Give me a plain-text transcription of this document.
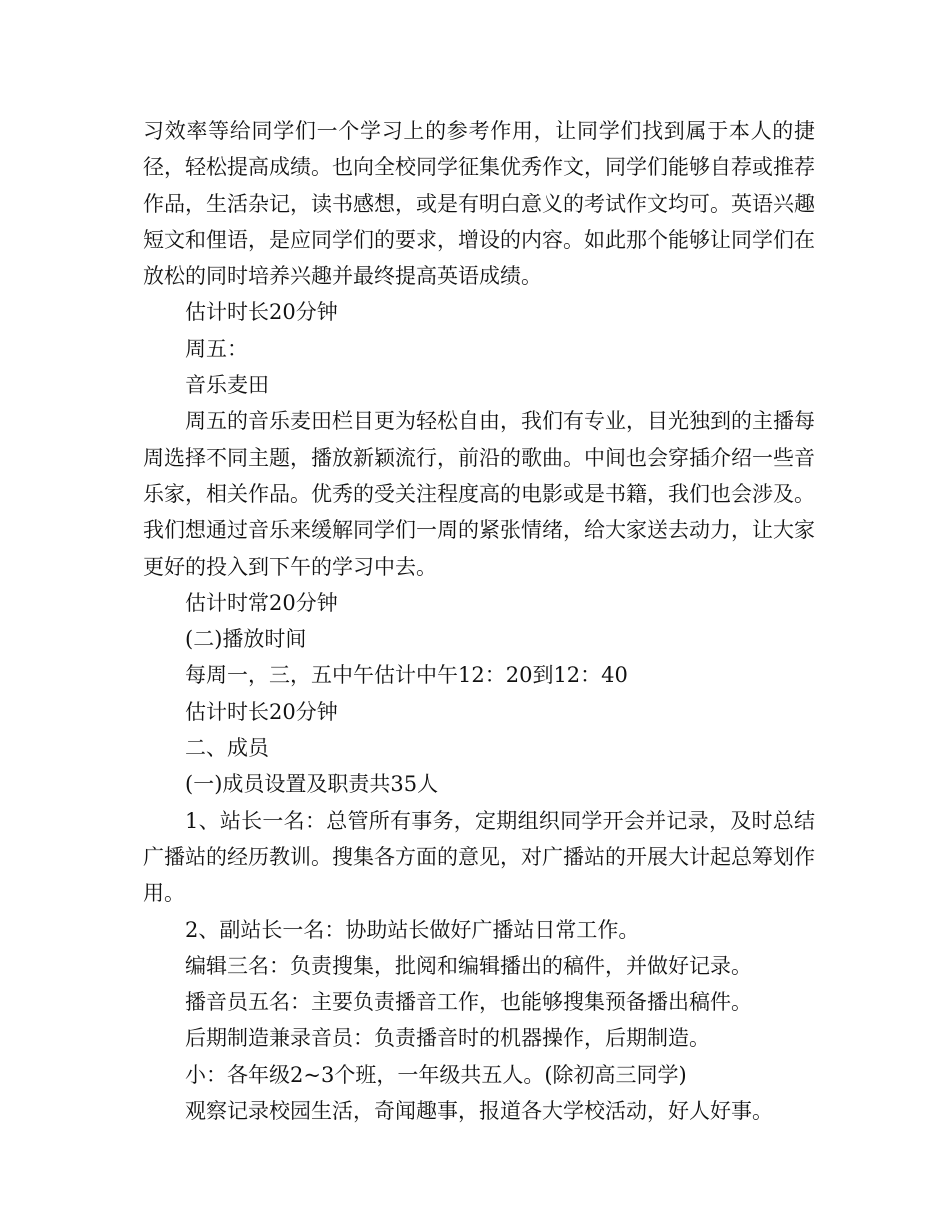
习效率等给同学们一个学习上的参考作用，让同学们找到属于本人的捷径，轻松提高成绩。也向全校同学征集优秀作文，同学们能够自荐或推荐作品，生活杂记，读书感想，或是有明白意义的考试作文均可。英语兴趣短文和俚语，是应同学们的要求，增设的内容。如此那个能够让同学们在放松的同时培养兴趣并最终提高英语成绩。

估计时长20分钟

周五：

音乐麦田

周五的音乐麦田栏目更为轻松自由，我们有专业，目光独到的主播每周选择不同主题，播放新颖流行，前沿的歌曲。中间也会穿插介绍一些音乐家，相关作品。优秀的受关注程度高的电影或是书籍，我们也会涉及。我们想通过音乐来缓解同学们一周的紧张情绪，给大家送去动力，让大家更好的投入到下午的学习中去。

估计时常20分钟

(二)播放时间

每周一，三，五中午估计中午12：20到12：40

估计时长20分钟

二、成员

(一)成员设置及职责共35人

1、站长一名：总管所有事务，定期组织同学开会并记录，及时总结广播站的经历教训。搜集各方面的意见，对广播站的开展大计起总筹划作用。

2、副站长一名：协助站长做好广播站日常工作。

编辑三名：负责搜集，批阅和编辑播出的稿件，并做好记录。

播音员五名：主要负责播音工作，也能够搜集预备播出稿件。

后期制造兼录音员：负责播音时的机器操作，后期制造。

小：各年级2~3个班，一年级共五人。(除初高三同学)

观察记录校园生活，奇闻趣事，报道各大学校活动，好人好事。
